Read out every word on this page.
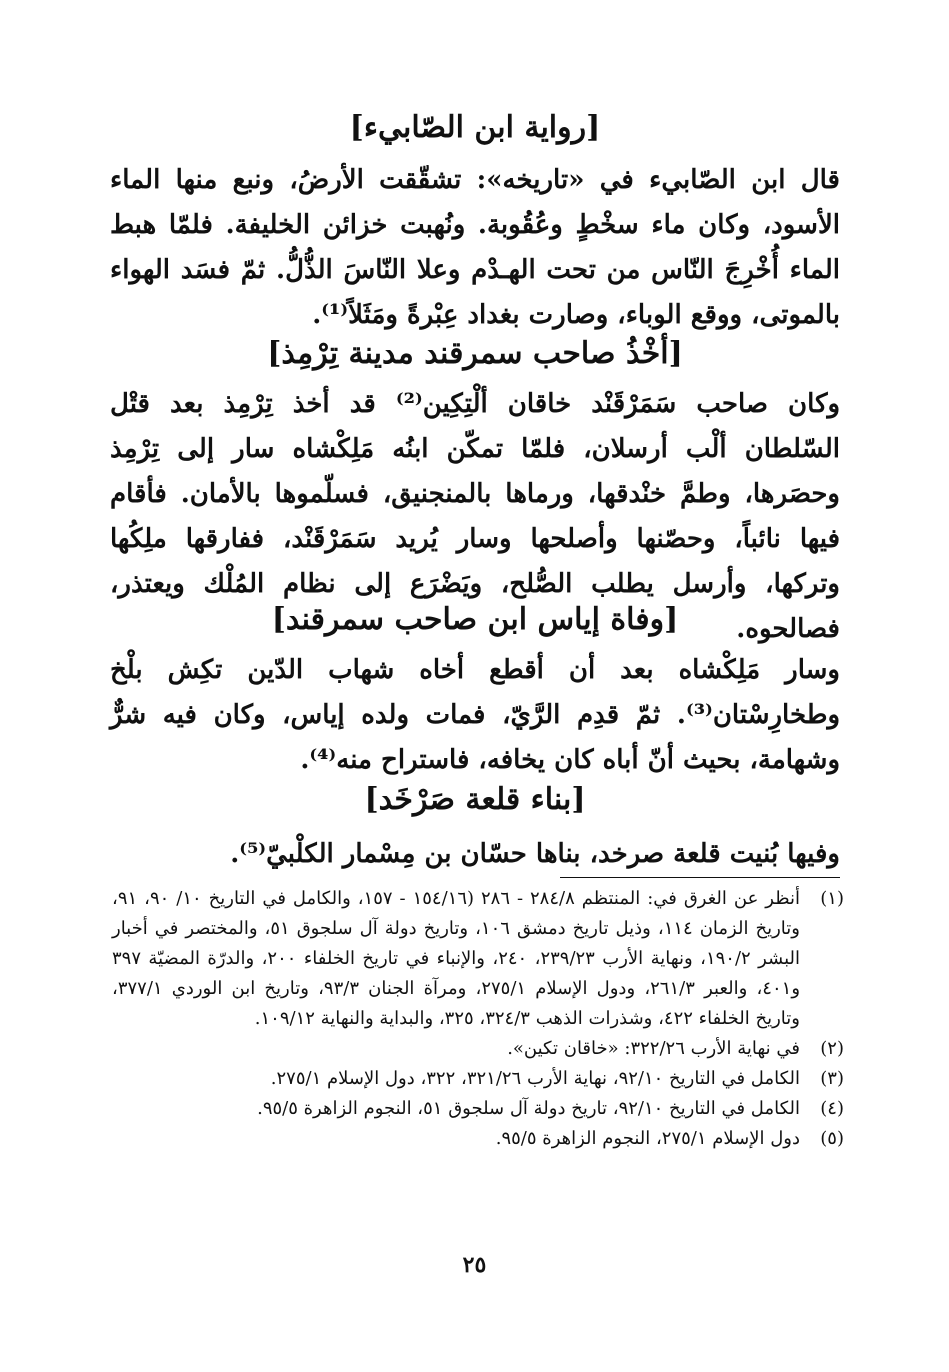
[رواية ابن الصّابيء]

قال ابن الصّابيء في «تاريخه»: تشقّقت الأرضُ، ونبع منها الماء الأسود، وكان ماء سخْطٍ وعُقُوبة. ونُهبت خزائن الخليفة. فلمّا هبط الماء أُخْرِجَ النّاس من تحت الهـدْم وعلا النّاسَ الذُّلُّ. ثمّ فسَد الهواء بالموتى، ووقع الوباء، وصارت بغداد عِبْرةً ومَثَلاً⁽¹⁾.

[أخْذُ صاحب سمرقند مدينة تِرْمِذ]

وكان صاحب سَمَرْقَنْد خاقان ألْتِكِين⁽²⁾ قد أخذ تِرْمِذ بعد قتْل السّلطان ألْب أرسلان، فلمّا تمكّن ابنُه مَلِكْشاه سار إلى تِرْمِذ وحصَرها، وطمَّ خنْدقها، ورماها بالمنجنيق، فسلّموها بالأمان. فأقام فيها نائباً، وحصّنها وأصلحها وسار يُريد سَمَرْقَنْد، ففارقها ملِكُها وتركها، وأرسل يطلب الصُّلح، ويَضْرَع إلى نظام المُلْك ويعتذر، فصالحوه.

[وفاة إياس ابن صاحب سمرقند]

وسار مَلِكْشاه بعد أن أقطع أخاه شهاب الدّين تكِش بلْخ وطخارِسْتان⁽³⁾. ثمّ قدِم الرَّيّ، فمات ولده إياس، وكان فيه شرٌّ وشهامة، بحيث أنّ أباه كان يخافه، فاستراح منه⁽⁴⁾.

[بناء قلعة صَرْخَد]

وفيها بُنيت قلعة صرخد، بناها حسّان بن مِسْمار الكلْبيّ⁽⁵⁾.

(١)
أنظر عن الغرق في: المنتظم ٢٨٤/٨ - ٢٨٦ (١٥٤/١٦ - ١٥٧، والكامل في التاريخ ١٠/ ٩٠، ٩١، وتاريخ الزمان ١١٤، وذيل تاريخ دمشق ١٠٦، وتاريخ دولة آل سلجوق ٥١، والمختصر في أخبار البشر ١٩٠/٢، ونهاية الأرب ٢٣٩/٢٣، ٢٤٠، والإنباء في تاريخ الخلفاء ٢٠٠، والدرّة المضيّة ٣٩٧ و٤٠١، والعبر ٢٦١/٣، ودول الإسلام ٢٧٥/١، ومرآة الجنان ٩٣/٣، وتاريخ ابن الوردي ٣٧٧/١، وتاريخ الخلفاء ٤٢٢، وشذرات الذهب ٣٢٤/٣، ٣٢٥، والبداية والنهاية ١٠٩/١٢.
(٢)
في نهاية الأرب ٣٢٢/٢٦: «خاقان تكين».
(٣)
الكامل في التاريخ ٩٢/١٠، نهاية الأرب ٣٢١/٢٦، ٣٢٢، دول الإسلام ٢٧٥/١.
(٤)
الكامل في التاريخ ٩٢/١٠، تاريخ دولة آل سلجوق ٥١، النجوم الزاهرة ٩٥/٥.
(٥)
دول الإسلام ٢٧٥/١، النجوم الزاهرة ٩٥/٥.
٢٥
